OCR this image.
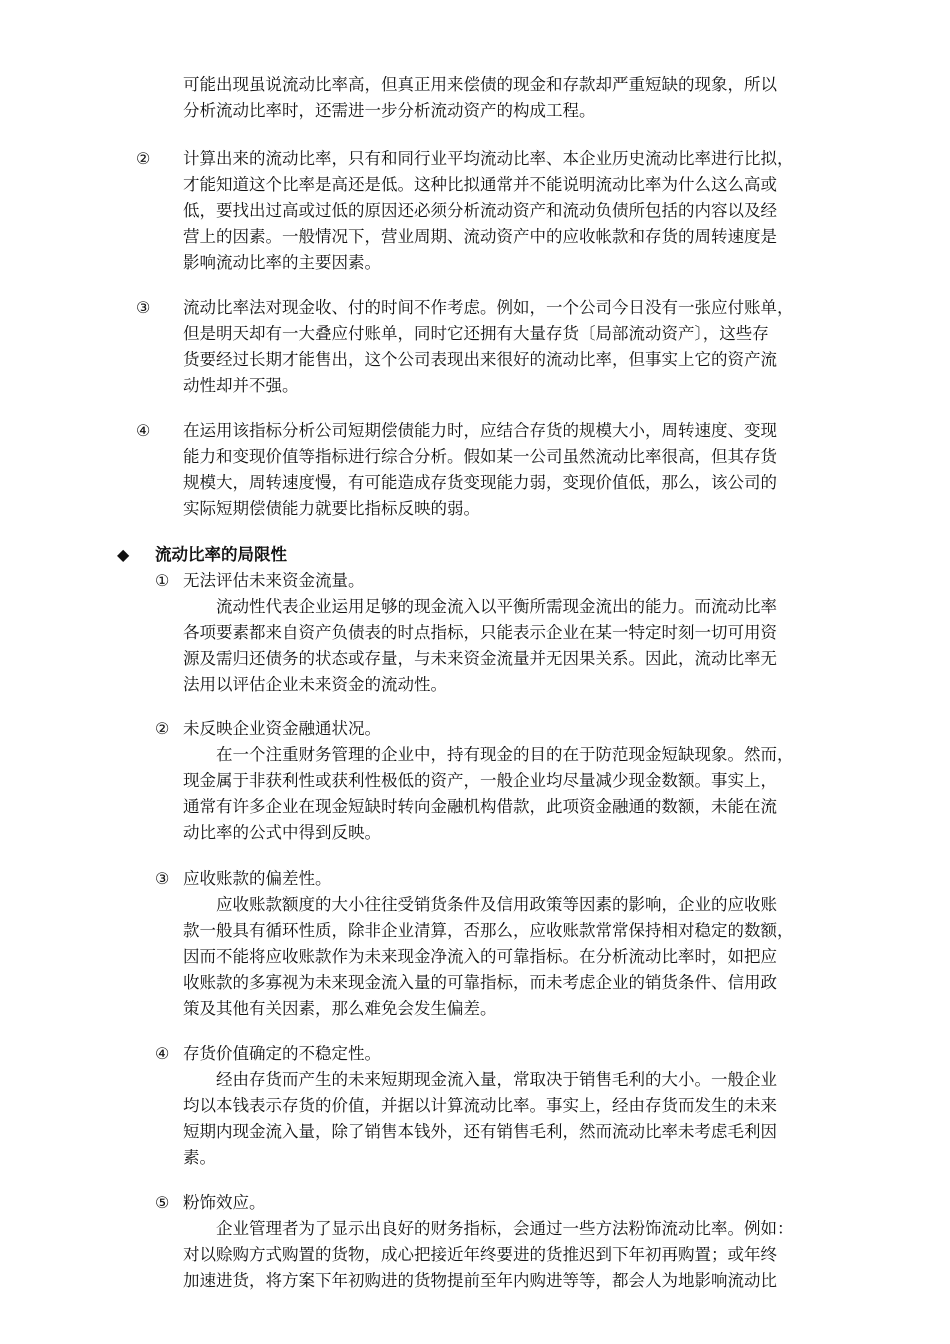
可能出现虽说流动比率高，但真正用来偿债的现金和存款却严重短缺的现象，所以

分析流动比率时，还需进一步分析流动资产的构成工程。

② 计算出来的流动比率，只有和同行业平均流动比率、本企业历史流动比率进行比拟，

才能知道这个比率是高还是低。这种比拟通常并不能说明流动比率为什么这么高或

低，要找出过高或过低的原因还必须分析流动资产和流动负债所包括的内容以及经

营上的因素。一般情况下，营业周期、流动资产中的应收帐款和存货的周转速度是

影响流动比率的主要因素。

③ 流动比率法对现金收、付的时间不作考虑。例如，一个公司今日没有一张应付账单，

但是明天却有一大叠应付账单，同时它还拥有大量存货〔局部流动资产〕，这些存

货要经过长期才能售出，这个公司表现出来很好的流动比率，但事实上它的资产流

动性却并不强。

④ 在运用该指标分析公司短期偿债能力时，应结合存货的规模大小，周转速度、变现

能力和变现价值等指标进行综合分析。假如某一公司虽然流动比率很高，但其存货

规模大，周转速度慢，有可能造成存货变现能力弱，变现价值低，那么，该公司的

实际短期偿债能力就要比指标反映的弱。

◆ 流动比率的局限性
① 无法评估未来资金流量。

流动性代表企业运用足够的现金流入以平衡所需现金流出的能力。而流动比率

各项要素都来自资产负债表的时点指标，只能表示企业在某一特定时刻一切可用资

源及需归还债务的状态或存量，与未来资金流量并无因果关系。因此，流动比率无

法用以评估企业未来资金的流动性。

② 未反映企业资金融通状况。

在一个注重财务管理的企业中，持有现金的目的在于防范现金短缺现象。然而，

现金属于非获利性或获利性极低的资产，一般企业均尽量减少现金数额。事实上，

通常有许多企业在现金短缺时转向金融机构借款，此项资金融通的数额，未能在流

动比率的公式中得到反映。

③ 应收账款的偏差性。

应收账款额度的大小往往受销货条件及信用政策等因素的影响，企业的应收账

款一般具有循环性质，除非企业清算，否那么，应收账款常常保持相对稳定的数额，

因而不能将应收账款作为未来现金净流入的可靠指标。在分析流动比率时，如把应

收账款的多寡视为未来现金流入量的可靠指标，而未考虑企业的销货条件、信用政

策及其他有关因素，那么难免会发生偏差。

④ 存货价值确定的不稳定性。

经由存货而产生的未来短期现金流入量，常取决于销售毛利的大小。一般企业

均以本钱表示存货的价值，并据以计算流动比率。事实上，经由存货而发生的未来

短期内现金流入量，除了销售本钱外，还有销售毛利，然而流动比率未考虑毛利因

素。

⑤ 粉饰效应。

企业管理者为了显示出良好的财务指标，会通过一些方法粉饰流动比率。例如：

对以赊购方式购置的货物，成心把接近年终要进的货推迟到下年初再购置；或年终

加速进货，将方案下年初购进的货物提前至年内购进等等，都会人为地影响流动比
